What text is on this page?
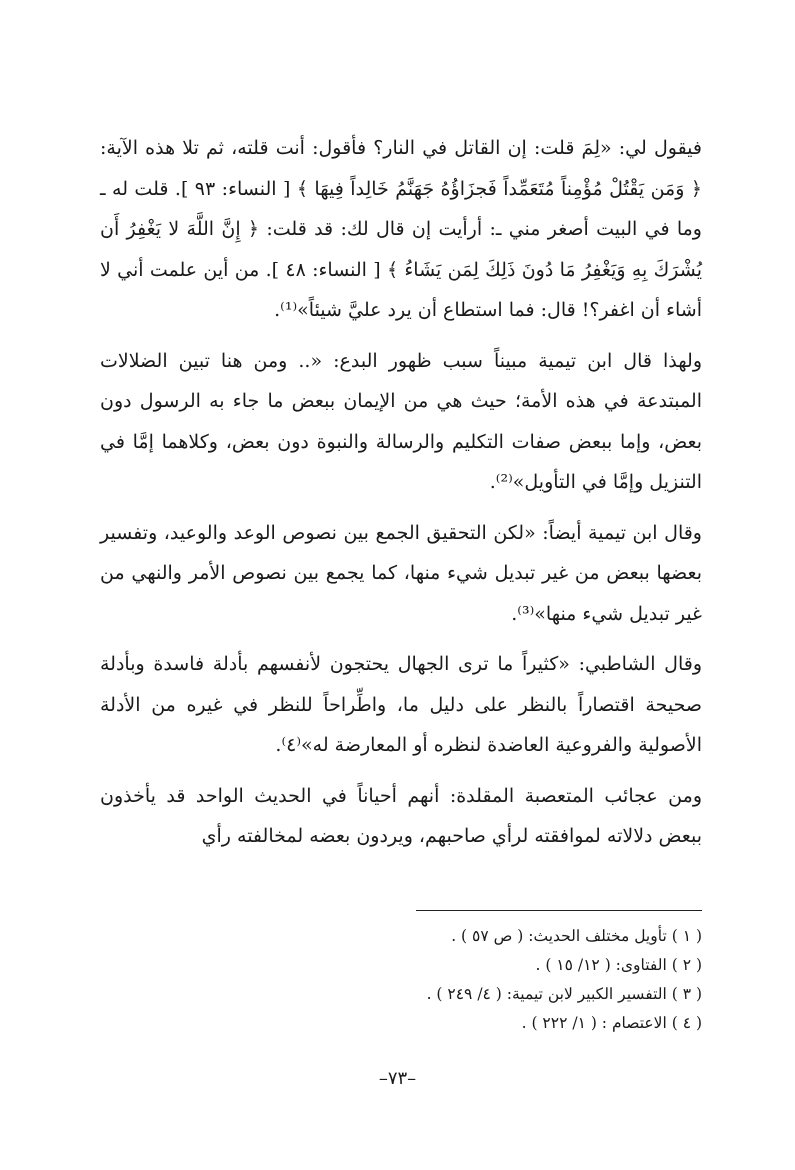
فيقول لي: «لِمَ قلت: إن القاتل في النار؟ فأقول: أنت قلته، ثم تلا هذه الآية: ﴿ وَمَن يَقْتُلْ مُؤْمِناً مُتَعَمِّداً فَجزَاؤُهُ جَهَنَّمُ خَالِداً فِيهَا ﴾ [ النساء: ٩٣ ]. قلت له ـ وما في البيت أصغر مني ـ: أرأيت إن قال لك: قد قلت: ﴿ إِنَّ اللَّهَ لا يَغْفِرُ أَن يُشْرَكَ بِهِ وَيَغْفِرُ مَا دُونَ ذَلِكَ لِمَن يَشَاءُ ﴾ [ النساء: ٤٨ ]. من أين علمت أني لا أشاء أن اغفر؟! قال: فما استطاع أن يرد عليَّ شيئاً»⁽¹⁾.

ولهذا قال ابن تيمية مبيناً سبب ظهور البدع: «.. ومن هنا تبين الضلالات المبتدعة في هذه الأمة؛ حيث هي من الإيمان ببعض ما جاء به الرسول دون بعض، وإما ببعض صفات التكليم والرسالة والنبوة دون بعض، وكلاهما إمَّا في التنزيل وإمَّا في التأويل»⁽²⁾.

وقال ابن تيمية أيضاً: «لكن التحقيق الجمع بين نصوص الوعد والوعيد، وتفسير بعضها ببعض من غير تبديل شيء منها، كما يجمع بين نصوص الأمر والنهي من غير تبديل شيء منها»⁽³⁾.

وقال الشاطبي: «كثيراً ما ترى الجهال يحتجون لأنفسهم بأدلة فاسدة وبأدلة صحيحة اقتصاراً بالنظر على دليل ما، واطِّراحاً للنظر في غيره من الأدلة الأصولية والفروعية العاضدة لنظره أو المعارضة له»⁽٤⁾.

ومن عجائب المتعصبة المقلدة: أنهم أحياناً في الحديث الواحد قد يأخذون ببعض دلالاته لموافقته لرأي صاحبهم، ويردون بعضه لمخالفته رأي

( ١ ) تأويل مختلف الحديث: ( ص ٥٧ ) .

( ٢ ) الفتاوى: ( ١٢/ ١٥ ) .

( ٣ ) التفسير الكبير لابن تيمية: ( ٤/ ٢٤٩ ) .

( ٤ ) الاعتصام : ( ١/ ٢٢٢ ) .

–٧٣–
